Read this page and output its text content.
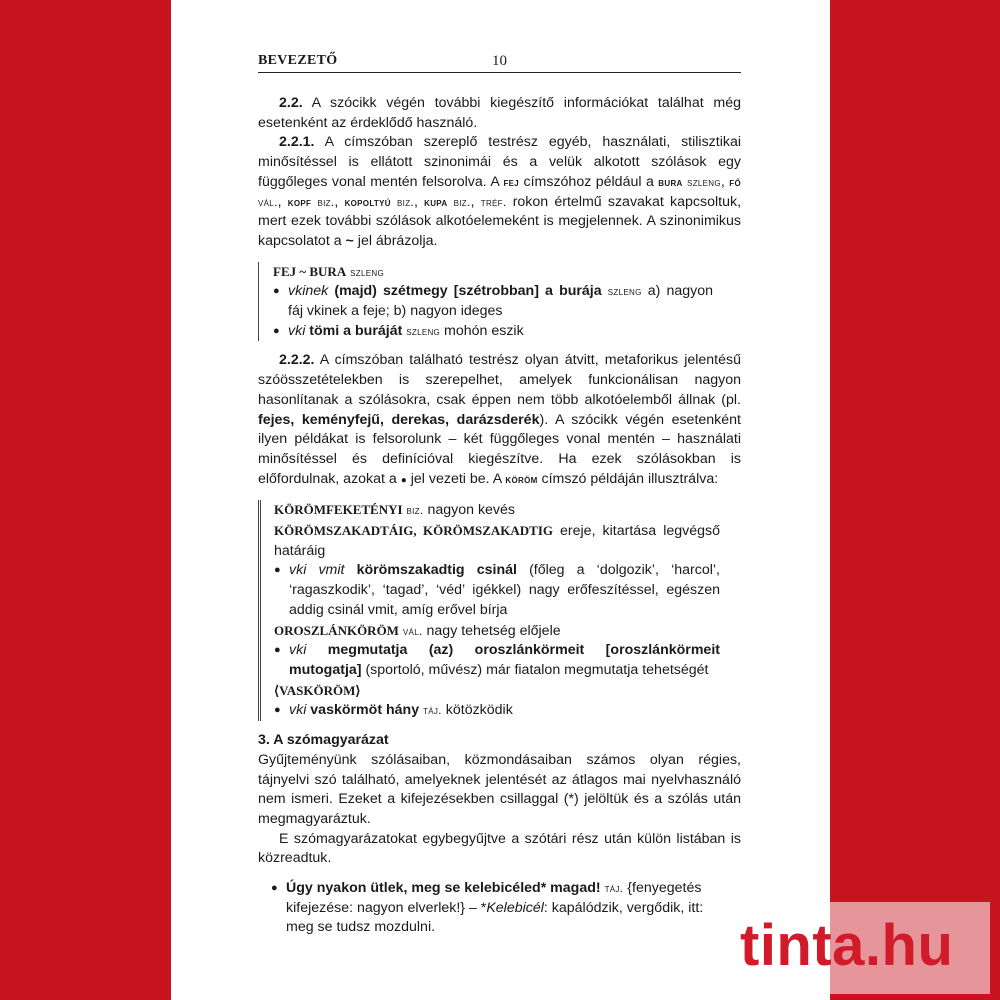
BEVEZETŐ	10

2.2. A szócikk végén további kiegészítő információkat találhat még esetenként az érdeklődő használó.

2.2.1. A címszóban szereplő testrész egyéb, használati, stilisztikai minősítéssel is ellátott szinonimái és a velük alkotott szólások egy függőleges vonal mentén felsorolva. A fej címszóhoz például a bura szleng, fő vál., kopf biz., kopoltyú biz., kupa biz., tréf. rokon értelmű szavakat kapcsoltuk, mert ezek további szólások alkotóelemeként is megjelennek. A szinonimikus kapcsolatot a ~ jel ábrázolja.

FEJ ~ BURA szleng
● vkinek (majd) szétmegy [szétrobban] a burája szleng a) nagyon fáj vkinek a feje; b) nagyon ideges
● vki tömi a buráját szleng mohón eszik

2.2.2. A címszóban található testrész olyan átvitt, metaforikus jelentésű szóösszetételekben is szerepelhet, amelyek funkcionálisan nagyon hasonlítanak a szólásokra, csak éppen nem több alkotóelemből állnak (pl. fejes, keményfejű, derekas, darázsderék). A szócikk végén esetenként ilyen példákat is felsorolunk – két függőleges vonal mentén – használati minősítéssel és definícióval kiegészítve. Ha ezek szólásokban is előfordulnak, azokat a ● jel vezeti be. A köröm címszó példáján illusztrálva:

KÖRÖMFEKETÉNYI biz. nagyon kevés
KÖRÖMSZAKADTÁIG, KÖRÖMSZAKADTIG ereje, kitartása legvégső határáig
● vki vmit körömszakadtig csinál (főleg a ‘dolgozik’, ‘harcol’, ‘ragaszkodik’, ‘tagad’, ‘véd’ igékkel) nagy erőfeszítéssel, egészen addig csinál vmit, amíg erővel bírja
OROSZLÁNKÖRÖM vál. nagy tehetség előjele
● vki megmutatja (az) oroszlánkörmeit [oroszlánkörmeit mutogatja] (sportoló, művész) már fiatalon megmutatja tehetségét
⟨VASKÖRÖM⟩
● vki vaskörmöt hány táj. kötözködik
3. A szómagyarázat

Gyűjteményünk szólásaiban, közmondásaiban számos olyan régies, tájnyelvi szó található, amelyeknek jelentését az átlagos mai nyelvhasználó nem ismeri. Ezeket a kifejezésekben csillaggal (*) jelöltük és a szólás után megmagyaráztuk.

E szómagyarázatokat egybegyűjtve a szótári rész után külön listában is közreadtuk.

● Úgy nyakon ütlek, meg se kelebicéled* magad! táj. {fenyegetés kifejezése: nagyon elverlek!} – *Kelebicél: kapálódzik, vergődik, itt: meg se tudsz mozdulni.	tinta.hu
